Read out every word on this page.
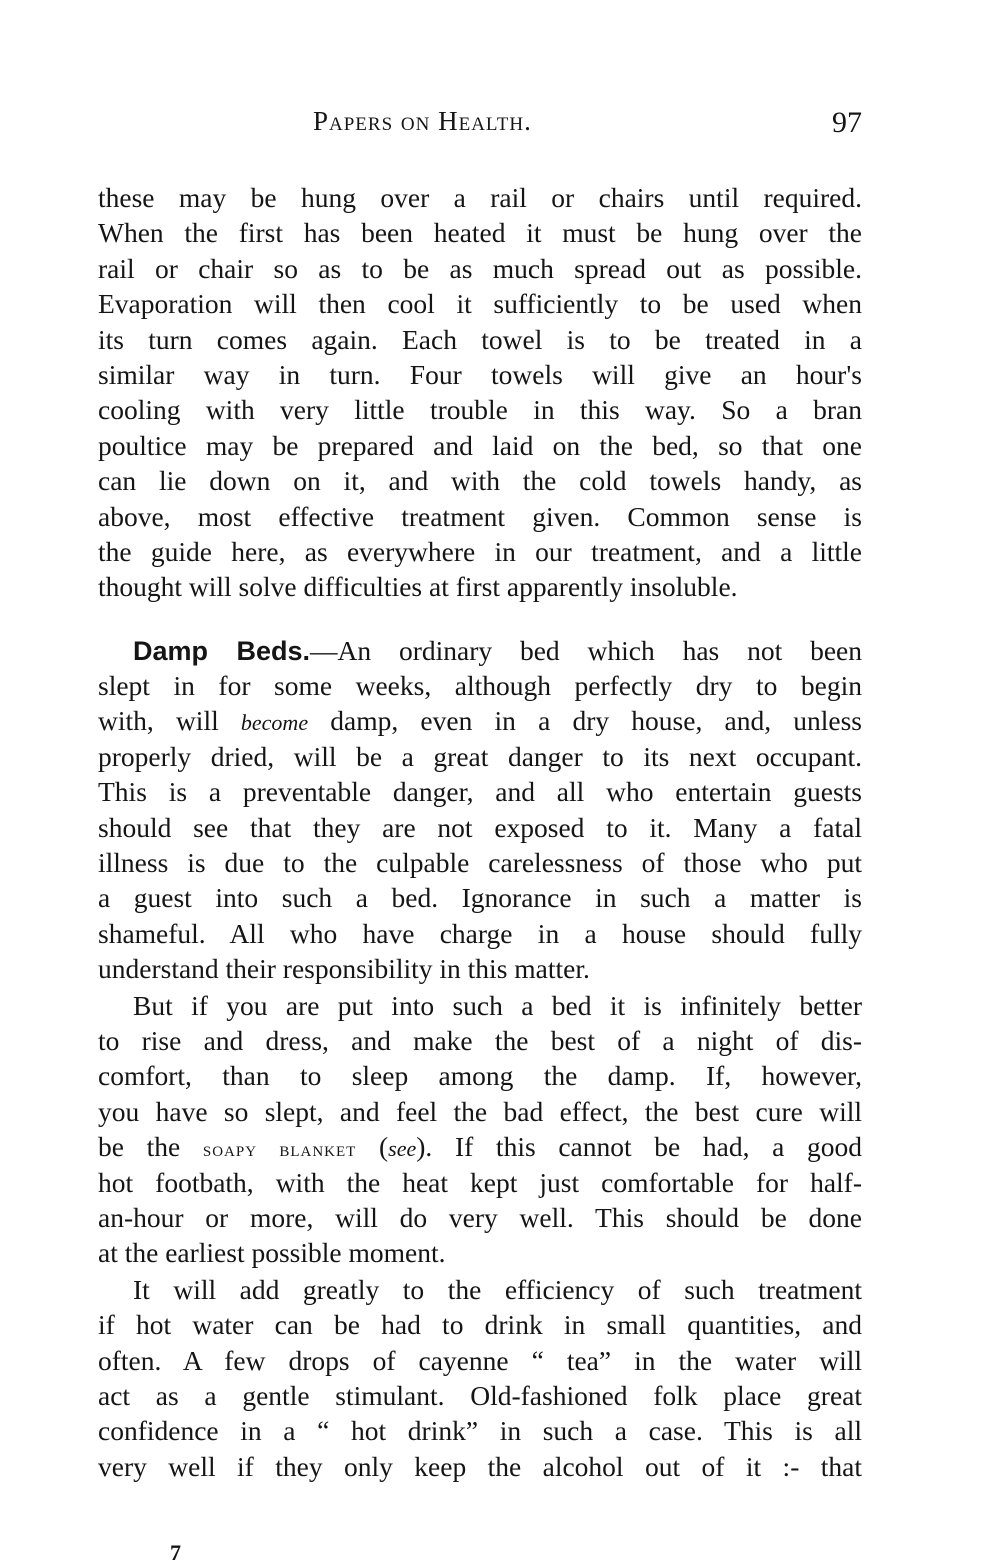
Papers on Health.	97
these may be hung over a rail or chairs until required.
When the first has been heated it must be hung over the
rail or chair so as to be as much spread out as possible.
Evaporation will then cool it sufficiently to be used when
its turn comes again. Each towel is to be treated in a
similar way in turn. Four towels will give an hour's
cooling with very little trouble in this way. So a bran
poultice may be prepared and laid on the bed, so that one
can lie down on it, and with the cold towels handy, as
above, most effective treatment given. Common sense is
the guide here, as everywhere in our treatment, and a little
thought will solve difficulties at first apparently insoluble.
Damp Beds.—An ordinary bed which has not been
slept in for some weeks, although perfectly dry to begin
with, will become damp, even in a dry house, and, unless
properly dried, will be a great danger to its next occupant.
This is a preventable danger, and all who entertain guests
should see that they are not exposed to it. Many a fatal
illness is due to the culpable carelessness of those who put
a guest into such a bed. Ignorance in such a matter is
shameful. All who have charge in a house should fully
understand their responsibility in this matter.
But if you are put into such a bed it is infinitely better
to rise and dress, and make the best of a night of dis-
comfort, than to sleep among the damp. If, however,
you have so slept, and feel the bad effect, the best cure will
be the soapy blanket (see). If this cannot be had, a good
hot footbath, with the heat kept just comfortable for half-
an-hour or more, will do very well. This should be done
at the earliest possible moment.
It will add greatly to the efficiency of such treatment
if hot water can be had to drink in small quantities, and
often. A few drops of cayenne “ tea” in the water will
act as a gentle stimulant. Old-fashioned folk place great
confidence in a “ hot drink” in such a case. This is all
very well if they only keep the alcohol out of it :- that
7
